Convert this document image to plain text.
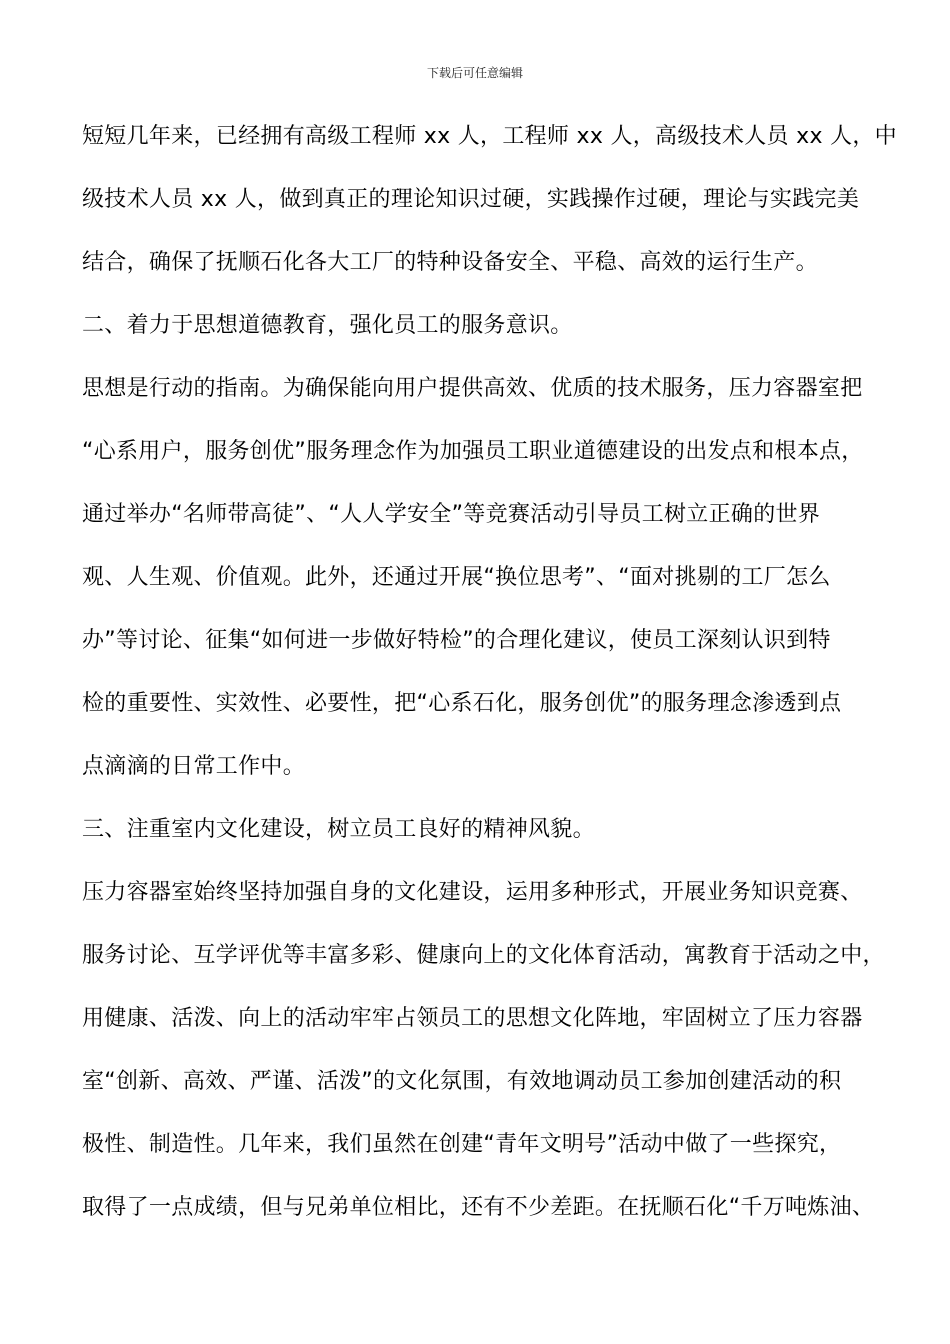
下载后可任意编辑
短短几年来，已经拥有高级工程师 xx 人，工程师 xx 人，高级技术人员 xx 人，中
级技术人员 xx 人，做到真正的理论知识过硬，实践操作过硬，理论与实践完美
结合，确保了抚顺石化各大工厂的特种设备安全、平稳、高效的运行生产。
二、着力于思想道德教育，强化员工的服务意识。
思想是行动的指南。为确保能向用户提供高效、优质的技术服务，压力容器室把
“心系用户，服务创优”服务理念作为加强员工职业道德建设的出发点和根本点，
通过举办“名师带高徒”、“人人学安全”等竞赛活动引导员工树立正确的世界
观、人生观、价值观。此外，还通过开展“换位思考”、“面对挑剔的工厂怎么
办”等讨论、征集“如何进一步做好特检”的合理化建议，使员工深刻认识到特
检的重要性、实效性、必要性，把“心系石化，服务创优”的服务理念渗透到点
点滴滴的日常工作中。
三、注重室内文化建设，树立员工良好的精神风貌。
压力容器室始终坚持加强自身的文化建设，运用多种形式，开展业务知识竞赛、
服务讨论、互学评优等丰富多彩、健康向上的文化体育活动，寓教育于活动之中，
用健康、活泼、向上的活动牢牢占领员工的思想文化阵地，牢固树立了压力容器
室“创新、高效、严谨、活泼”的文化氛围，有效地调动员工参加创建活动的积
极性、制造性。几年来，我们虽然在创建“青年文明号”活动中做了一些探究，
取得了一点成绩，但与兄弟单位相比，还有不少差距。在抚顺石化“千万吨炼油、
